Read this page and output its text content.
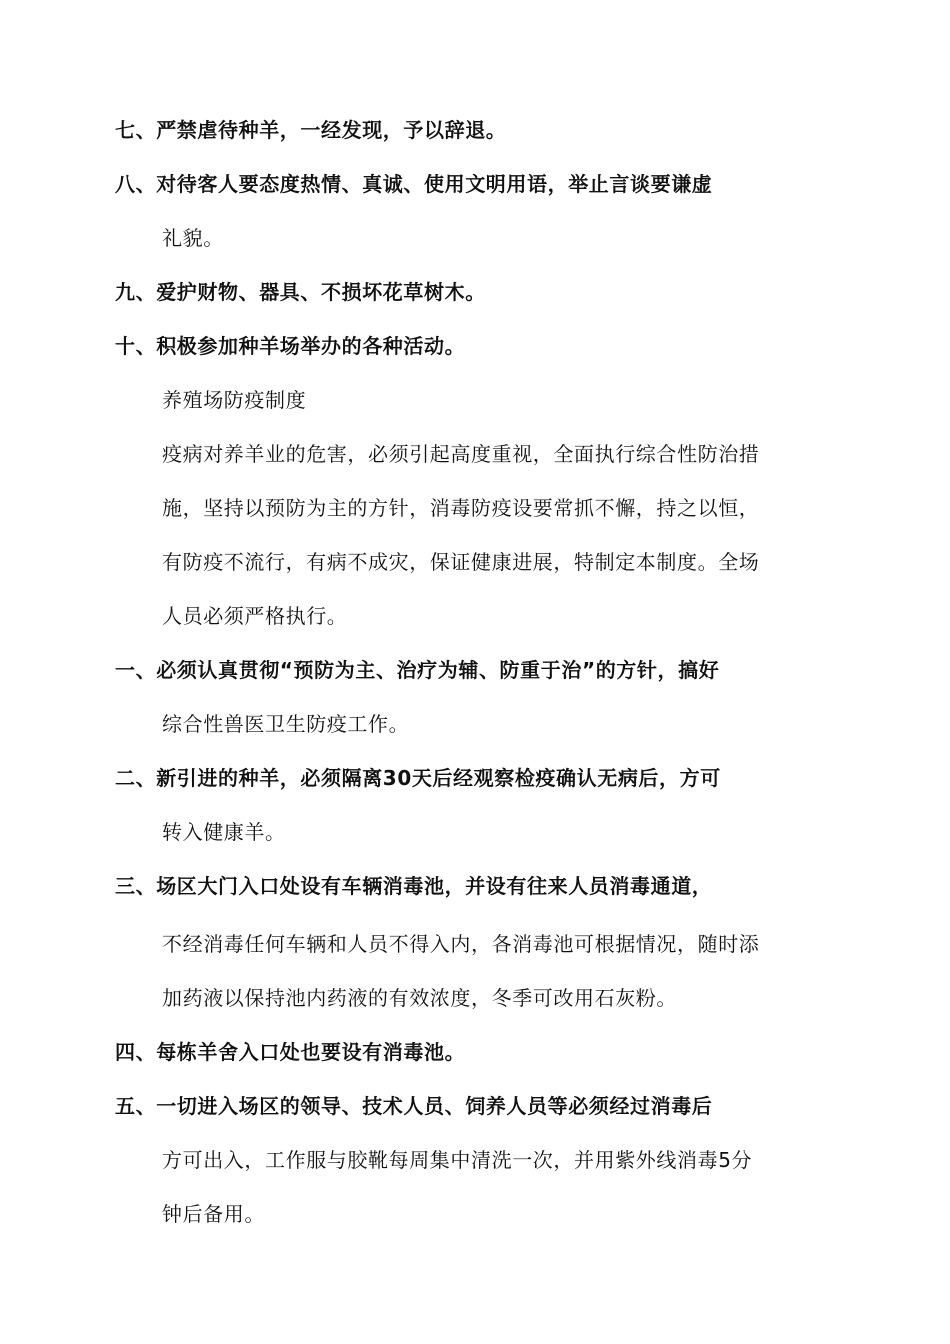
七、严禁虐待种羊，一经发现，予以辞退。
八、对待客人要态度热情、真诚、使用文明用语，举止言谈要谦虚
礼貌。
九、爱护财物、器具、不损坏花草树木。
十、积极参加种羊场举办的各种活动。
养殖场防疫制度
疫病对养羊业的危害，必须引起高度重视，全面执行综合性防治措
施，坚持以预防为主的方针，消毒防疫设要常抓不懈，持之以恒，
有防疫不流行，有病不成灾，保证健康进展，特制定本制度。全场
人员必须严格执行。
一、必须认真贯彻“预防为主、治疗为辅、防重于治”的方针，搞好
综合性兽医卫生防疫工作。
二、新引进的种羊，必须隔离30天后经观察检疫确认无病后，方可
转入健康羊。
三、场区大门入口处设有车辆消毒池，并设有往来人员消毒通道，
不经消毒任何车辆和人员不得入内，各消毒池可根据情况，随时添
加药液以保持池内药液的有效浓度，冬季可改用石灰粉。
四、每栋羊舍入口处也要设有消毒池。
五、一切进入场区的领导、技术人员、饲养人员等必须经过消毒后
方可出入，工作服与胶靴每周集中清洗一次，并用紫外线消毒5分
钟后备用。
